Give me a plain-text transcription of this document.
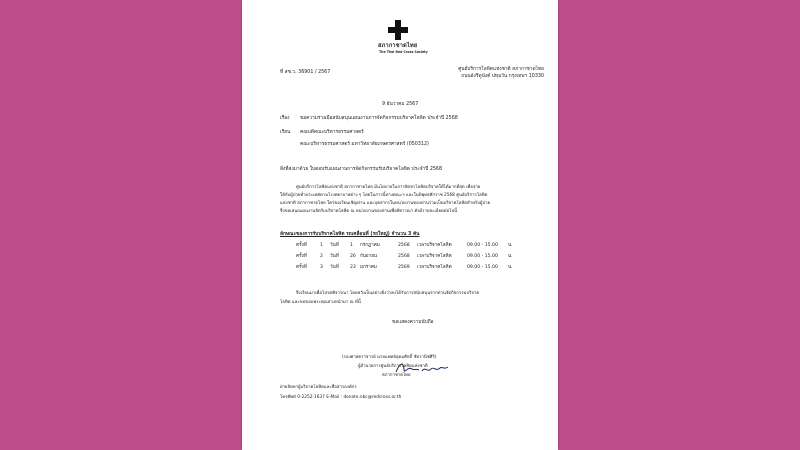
สภากาชาดไทย
The Thai Red Cross Society
ศูนย์บริการโลหิตแห่งชาติ สภากาชาดไทย
ถนนอังรีดูนังต์ ปทุมวัน กรุงเทพฯ 10330
ที่ สช.ว. 36901 / 2567
9 ธันวาคม 2567
เรื่อง ขอความร่วมมือสนับสนุนแผนงานการจัดกิจกรรมบริจาคโลหิต ประจำปี 2568
เรียน คณบดีคณะบริหารธรรมศาสตร์
คณะบริหารธรรมศาสตร์ มหาวิทยาลัยเกษตรศาสตร์ (050312)
สิ่งที่ส่งมาด้วย ใบตอบรับแผนงานการจัดกิจกรรมรับบริจาคโลหิต ประจำปี 2568
ศูนย์บริการโลหิตแห่งชาติ สภากาชาดไทย มีนโยบายในการจัดหาโลหิตบริจาคให้ได้มากที่สุด เพื่อจ่าย
ให้กับผู้ป่วยทั่วประเทศตามโรงพยาบาลต่าง ๆ โดยในการนี้ทางคณะฯ และในปีพุทธศักราช 2568 ศูนย์บริการโลหิต
แห่งชาติ สภากาชาดไทย ใคร่ขอเรียนเชิญท่าน และบุคลากรในหน่วยงานของท่านร่วมเป็นบริจาคโลหิตสำหรับผู้ป่วย
จึงขอเสนอแผนงานจัดรับบริจาคโลหิต ณ หน่วยงานของท่านเพื่อพิจารณา ดังมีรายละเอียดต่อไปนี้
ลักษณะของการรับบริจาคโลหิต รถเคลื่อนที่ (รถใหญ่) จำนวน 3 คัน
ครั้งที่	1 วันที่ 1 กรกฎาคม	2568 เวลาบริจาคโลหิต	09.00 - 15.00 น.
ครั้งที่	2 วันที่ 26 กันยายน	2568 เวลาบริจาคโลหิต	09.00 - 15.00 น.
ครั้งที่	3 วันที่ 23 มกราคม	2569 เวลาบริจาคโลหิต	09.00 - 15.00 น.
จึงเรียนมาเพื่อโปรดพิจารณา โดยหวังเป็นอย่างยิ่งว่าคงได้รับการสนับสนุนจากท่านจัดกิจกรรมบริจาค
โลหิต และขอขอบพระคุณล่วงหน้ามา ณ ที่นี้
ขอแสดงความนับถือ
(รองศาสตราจารย์ นายแพทย์อุดมศักดิ์ ชัยวานิชศิริ)
ผู้อำนวยการศูนย์บริการโลหิตแห่งชาติ
สภากาชาดไทย
ฝ่ายจัดหาผู้บริจาคโลหิตและสื่อสารองค์กร
โทรศัพท์ 0-2252-1637 E-Mail : donate.nbc@redcross.or.th
